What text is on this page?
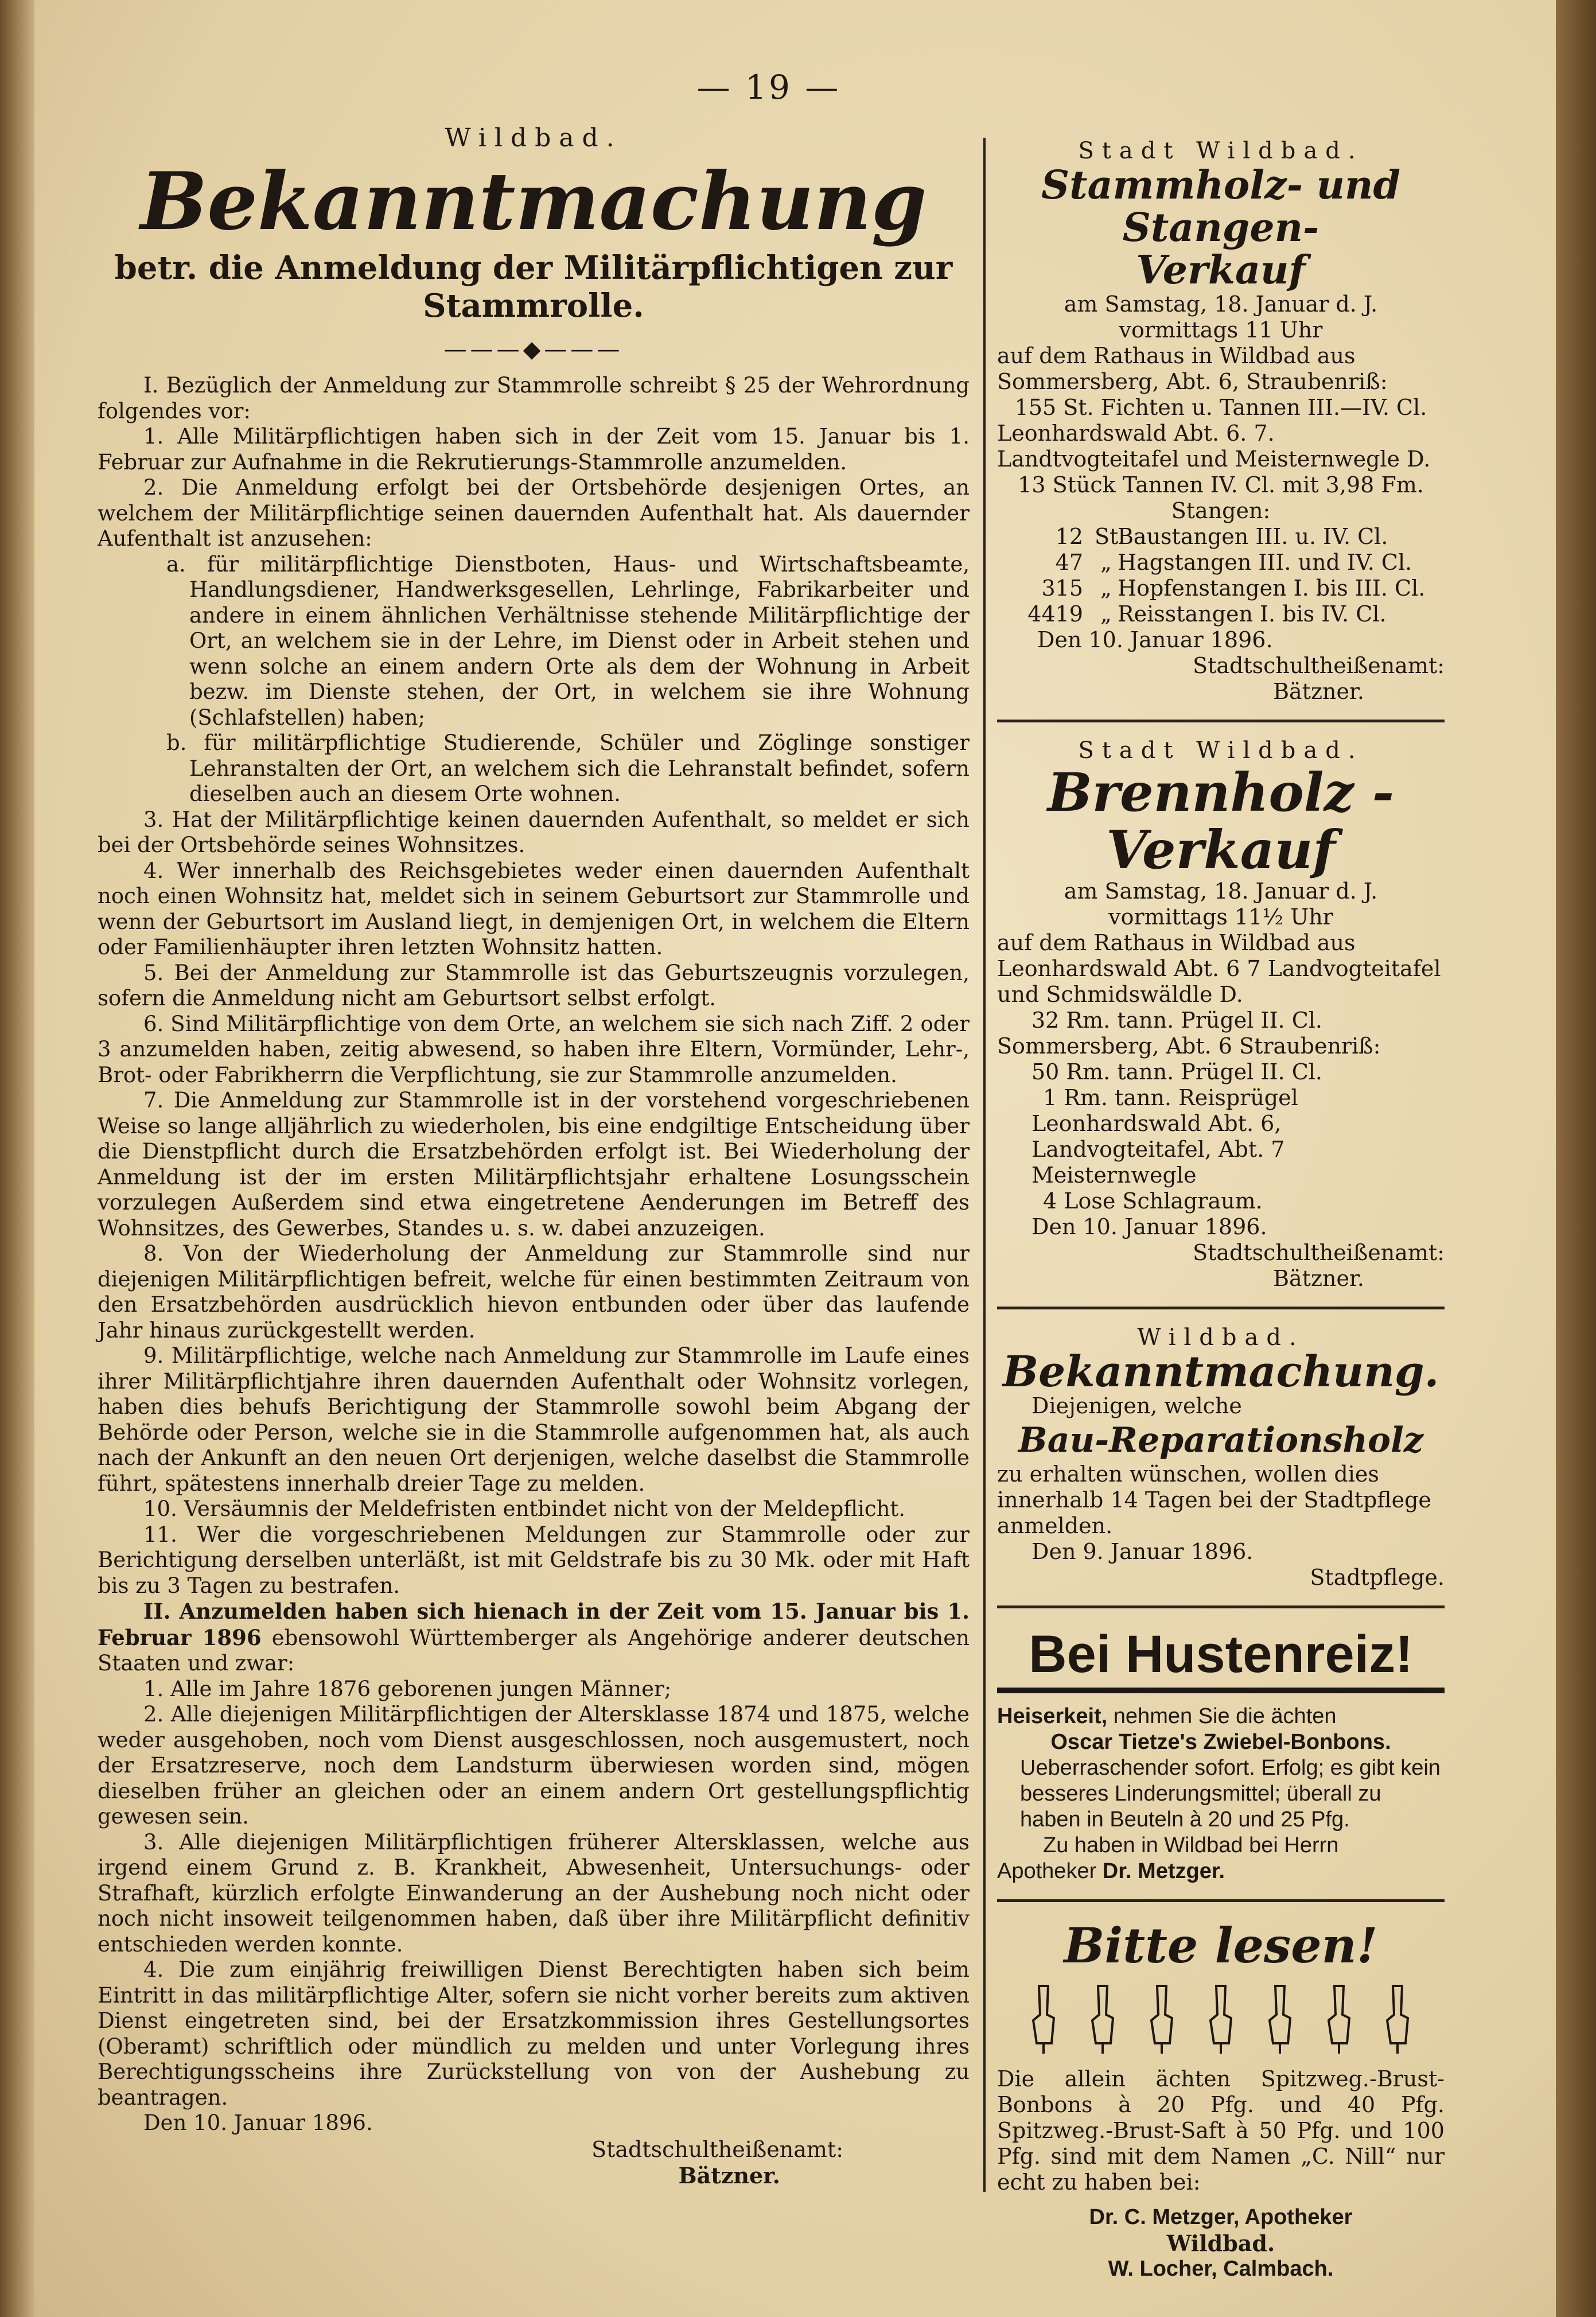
— 19 —
Wildbad.
Bekanntmachung
betr. die Anmeldung der Militärpflichtigen zur Stammrolle.
———◆———

I. Bezüglich der Anmeldung zur Stammrolle schreibt § 25 der Wehrordnung folgendes vor:

1. Alle Militärpflichtigen haben sich in der Zeit vom 15. Januar bis 1. Februar zur Aufnahme in die Rekrutierungs-Stammrolle anzumelden.

2. Die Anmeldung erfolgt bei der Ortsbehörde desjenigen Ortes, an welchem der Militärpflichtige seinen dauernden Aufenthalt hat. Als dauernder Aufenthalt ist anzusehen:

a. für militärpflichtige Dienstboten, Haus- und Wirtschaftsbeamte, Handlungsdiener, Handwerksgesellen, Lehrlinge, Fabrikarbeiter und andere in einem ähnlichen Verhältnisse stehende Militärpflichtige der Ort, an welchem sie in der Lehre, im Dienst oder in Arbeit stehen und wenn solche an einem andern Orte als dem der Wohnung in Arbeit bezw. im Dienste stehen, der Ort, in welchem sie ihre Wohnung (Schlafstellen) haben;

b. für militärpflichtige Studierende, Schüler und Zöglinge sonstiger Lehranstalten der Ort, an welchem sich die Lehranstalt befindet, sofern dieselben auch an diesem Orte wohnen.

3. Hat der Militärpflichtige keinen dauernden Aufenthalt, so meldet er sich bei der Ortsbehörde seines Wohnsitzes.

4. Wer innerhalb des Reichsgebietes weder einen dauernden Aufenthalt noch einen Wohnsitz hat, meldet sich in seinem Geburtsort zur Stammrolle und wenn der Geburtsort im Ausland liegt, in demjenigen Ort, in welchem die Eltern oder Familienhäupter ihren letzten Wohnsitz hatten.

5. Bei der Anmeldung zur Stammrolle ist das Geburtszeugnis vorzulegen, sofern die Anmeldung nicht am Geburtsort selbst erfolgt.

6. Sind Militärpflichtige von dem Orte, an welchem sie sich nach Ziff. 2 oder 3 anzumelden haben, zeitig abwesend, so haben ihre Eltern, Vormünder, Lehr-, Brot- oder Fabrikherrn die Verpflichtung, sie zur Stammrolle anzumelden.

7. Die Anmeldung zur Stammrolle ist in der vorstehend vorgeschriebenen Weise so lange alljährlich zu wiederholen, bis eine endgiltige Entscheidung über die Dienstpflicht durch die Ersatzbehörden erfolgt ist. Bei Wiederholung der Anmeldung ist der im ersten Militärpflichtsjahr erhaltene Losungsschein vorzulegen Außerdem sind etwa eingetretene Aenderungen im Betreff des Wohnsitzes, des Gewerbes, Standes u. s. w. dabei anzuzeigen.

8. Von der Wiederholung der Anmeldung zur Stammrolle sind nur diejenigen Militärpflichtigen befreit, welche für einen bestimmten Zeitraum von den Ersatzbehörden ausdrücklich hievon entbunden oder über das laufende Jahr hinaus zurückgestellt werden.

9. Militärpflichtige, welche nach Anmeldung zur Stammrolle im Laufe eines ihrer Militärpflichtjahre ihren dauernden Aufenthalt oder Wohnsitz vorlegen, haben dies behufs Berichtigung der Stammrolle sowohl beim Abgang der Behörde oder Person, welche sie in die Stammrolle aufgenommen hat, als auch nach der Ankunft an den neuen Ort derjenigen, welche daselbst die Stammrolle führt, spätestens innerhalb dreier Tage zu melden.

10. Versäumnis der Meldefristen entbindet nicht von der Meldepflicht.

11. Wer die vorgeschriebenen Meldungen zur Stammrolle oder zur Berichtigung derselben unterläßt, ist mit Geldstrafe bis zu 30 Mk. oder mit Haft bis zu 3 Tagen zu bestrafen.

II. Anzumelden haben sich hienach in der Zeit vom 15. Januar bis 1. Februar 1896 ebensowohl Württemberger als Angehörige anderer deutschen Staaten und zwar:

1. Alle im Jahre 1876 geborenen jungen Männer;

2. Alle diejenigen Militärpflichtigen der Altersklasse 1874 und 1875, welche weder ausgehoben, noch vom Dienst ausgeschlossen, noch ausgemustert, noch der Ersatzreserve, noch dem Landsturm überwiesen worden sind, mögen dieselben früher an gleichen oder an einem andern Ort gestellungspflichtig gewesen sein.

3. Alle diejenigen Militärpflichtigen früherer Altersklassen, welche aus irgend einem Grund z. B. Krankheit, Abwesenheit, Untersuchungs- oder Strafhaft, kürzlich erfolgte Einwanderung an der Aushebung noch nicht oder noch nicht insoweit teilgenommen haben, daß über ihre Militärpflicht definitiv entschieden werden konnte.

4. Die zum einjährig freiwilligen Dienst Berechtigten haben sich beim Eintritt in das militärpflichtige Alter, sofern sie nicht vorher bereits zum aktiven Dienst eingetreten sind, bei der Ersatzkommission ihres Gestellungsortes (Oberamt) schriftlich oder mündlich zu melden und unter Vorlegung ihres Berechtigungsscheins ihre Zurückstellung von von der Aushebung zu beantragen.

Den 10. Januar 1896.

Stadtschultheißenamt:
Bätzner.
Stadt Wildbad.
Stammholz- und Stangen-
Verkauf
am Samstag, 18. Januar d. J.
vormittags 11 Uhr
auf dem Rathaus in Wildbad aus Sommersberg, Abt. 6, Straubenriß:
155 St. Fichten u. Tannen III.—IV. Cl.
Leonhardswald Abt. 6. 7. Landtvogteitafel und Meisternwegle D.
13 Stück Tannen IV. Cl. mit 3,98 Fm.
Stangen:
12 St.
Baustangen III. u. IV. Cl.
47 „ Hagstangen III. und IV. Cl.
315 „ Hopfenstangen I. bis III. Cl.
4419 „ Reisstangen I. bis IV. Cl.
Den 10. Januar 1896.
Stadtschultheißenamt:
Bätzner.
Stadt Wildbad.
Brennholz - Verkauf
am Samstag, 18. Januar d. J.
vormittags 11½ Uhr
auf dem Rathaus in Wildbad aus Leonhardswald Abt. 6 7 Landvogteitafel und Schmidswäldle D.
32 Rm. tann. Prügel II. Cl.
Sommersberg, Abt. 6 Straubenriß:
50 Rm. tann. Prügel II. Cl.
1 Rm. tann. Reisprügel
Leonhardswald Abt. 6, Landvogteitafel, Abt. 7 Meisternwegle
4 Lose Schlagraum.
Den 10. Januar 1896.
Stadtschultheißenamt:
Bätzner.
Wildbad.
Bekanntmachung.
Diejenigen, welche
Bau-Reparationsholz
zu erhalten wünschen, wollen dies innerhalb 14 Tagen bei der Stadtpflege anmelden.
Den 9. Januar 1896.
Stadtpflege.
Bei Hustenreiz!
Heiserkeit, nehmen Sie die ächten
Oscar Tietze's Zwiebel-Bonbons.
Ueberraschender sofort. Erfolg; es gibt kein besseres Linderungsmittel; überall zu haben in Beuteln à 20 und 25 Pfg.
Zu haben in Wildbad bei Herrn
Apotheker Dr. Metzger.
Bitte lesen!
Die allein ächten Spitzweg.-Brust-Bonbons à 20 Pfg. und 40 Pfg. Spitzweg.-Brust-Saft à 50 Pfg. und 100 Pfg. sind mit dem Namen „C. Nill“ nur echt zu haben bei:
Dr. C. Metzger, Apotheker
Wildbad.
W. Locher, Calmbach.
